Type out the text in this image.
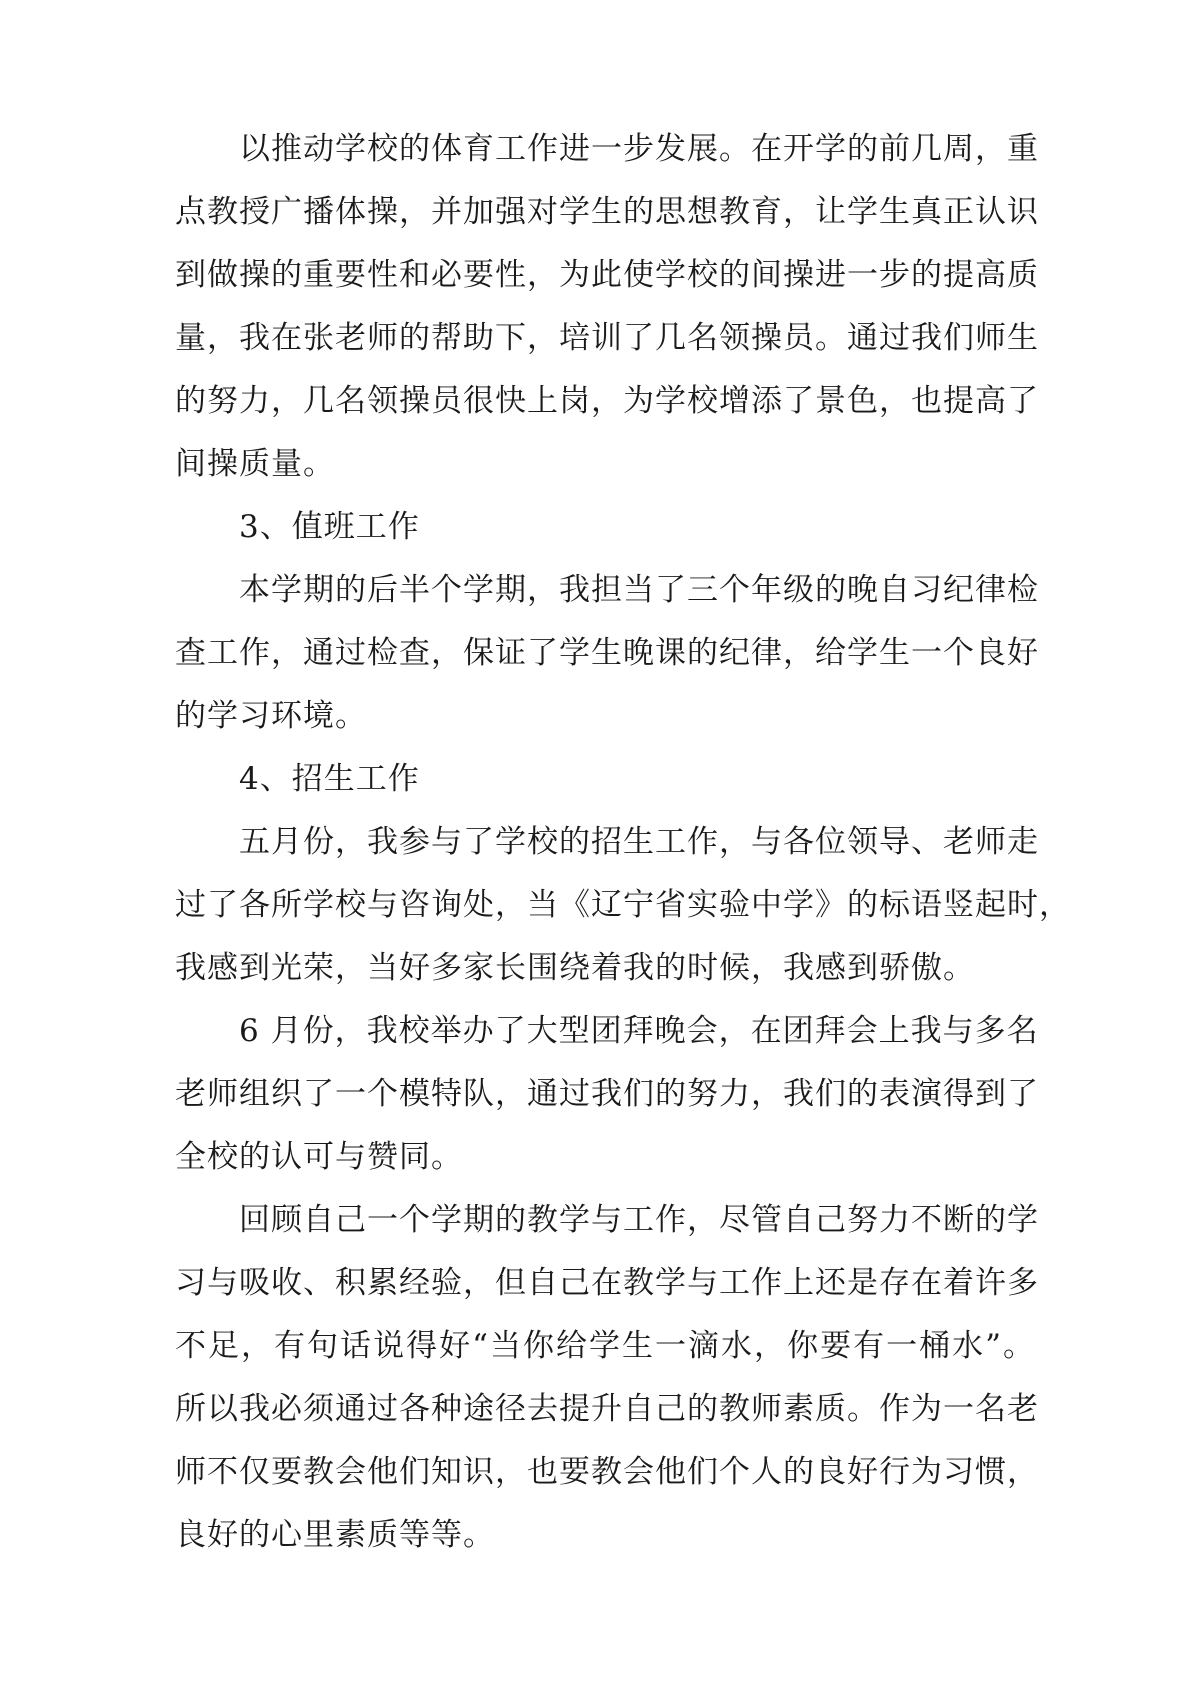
以推动学校的体育工作进一步发展。在开学的前几周，重
点教授广播体操，并加强对学生的思想教育，让学生真正认识
到做操的重要性和必要性，为此使学校的间操进一步的提高质
量，我在张老师的帮助下，培训了几名领操员。通过我们师生
的努力，几名领操员很快上岗，为学校增添了景色，也提高了
间操质量。
3、值班工作
本学期的后半个学期，我担当了三个年级的晚自习纪律检
查工作，通过检查，保证了学生晚课的纪律，给学生一个良好
的学习环境。
4、招生工作
五月份，我参与了学校的招生工作，与各位领导、老师走
过了各所学校与咨询处，当《辽宁省实验中学》的标语竖起时，
我感到光荣，当好多家长围绕着我的时候，我感到骄傲。
6 月份，我校举办了大型团拜晚会，在团拜会上我与多名
老师组织了一个模特队，通过我们的努力，我们的表演得到了
全校的认可与赞同。
回顾自己一个学期的教学与工作，尽管自己努力不断的学
习与吸收、积累经验，但自己在教学与工作上还是存在着许多
不足，有句话说得好“当你给学生一滴水，你要有一桶水”。
所以我必须通过各种途径去提升自己的教师素质。作为一名老
师不仅要教会他们知识，也要教会他们个人的良好行为习惯，
良好的心里素质等等。
